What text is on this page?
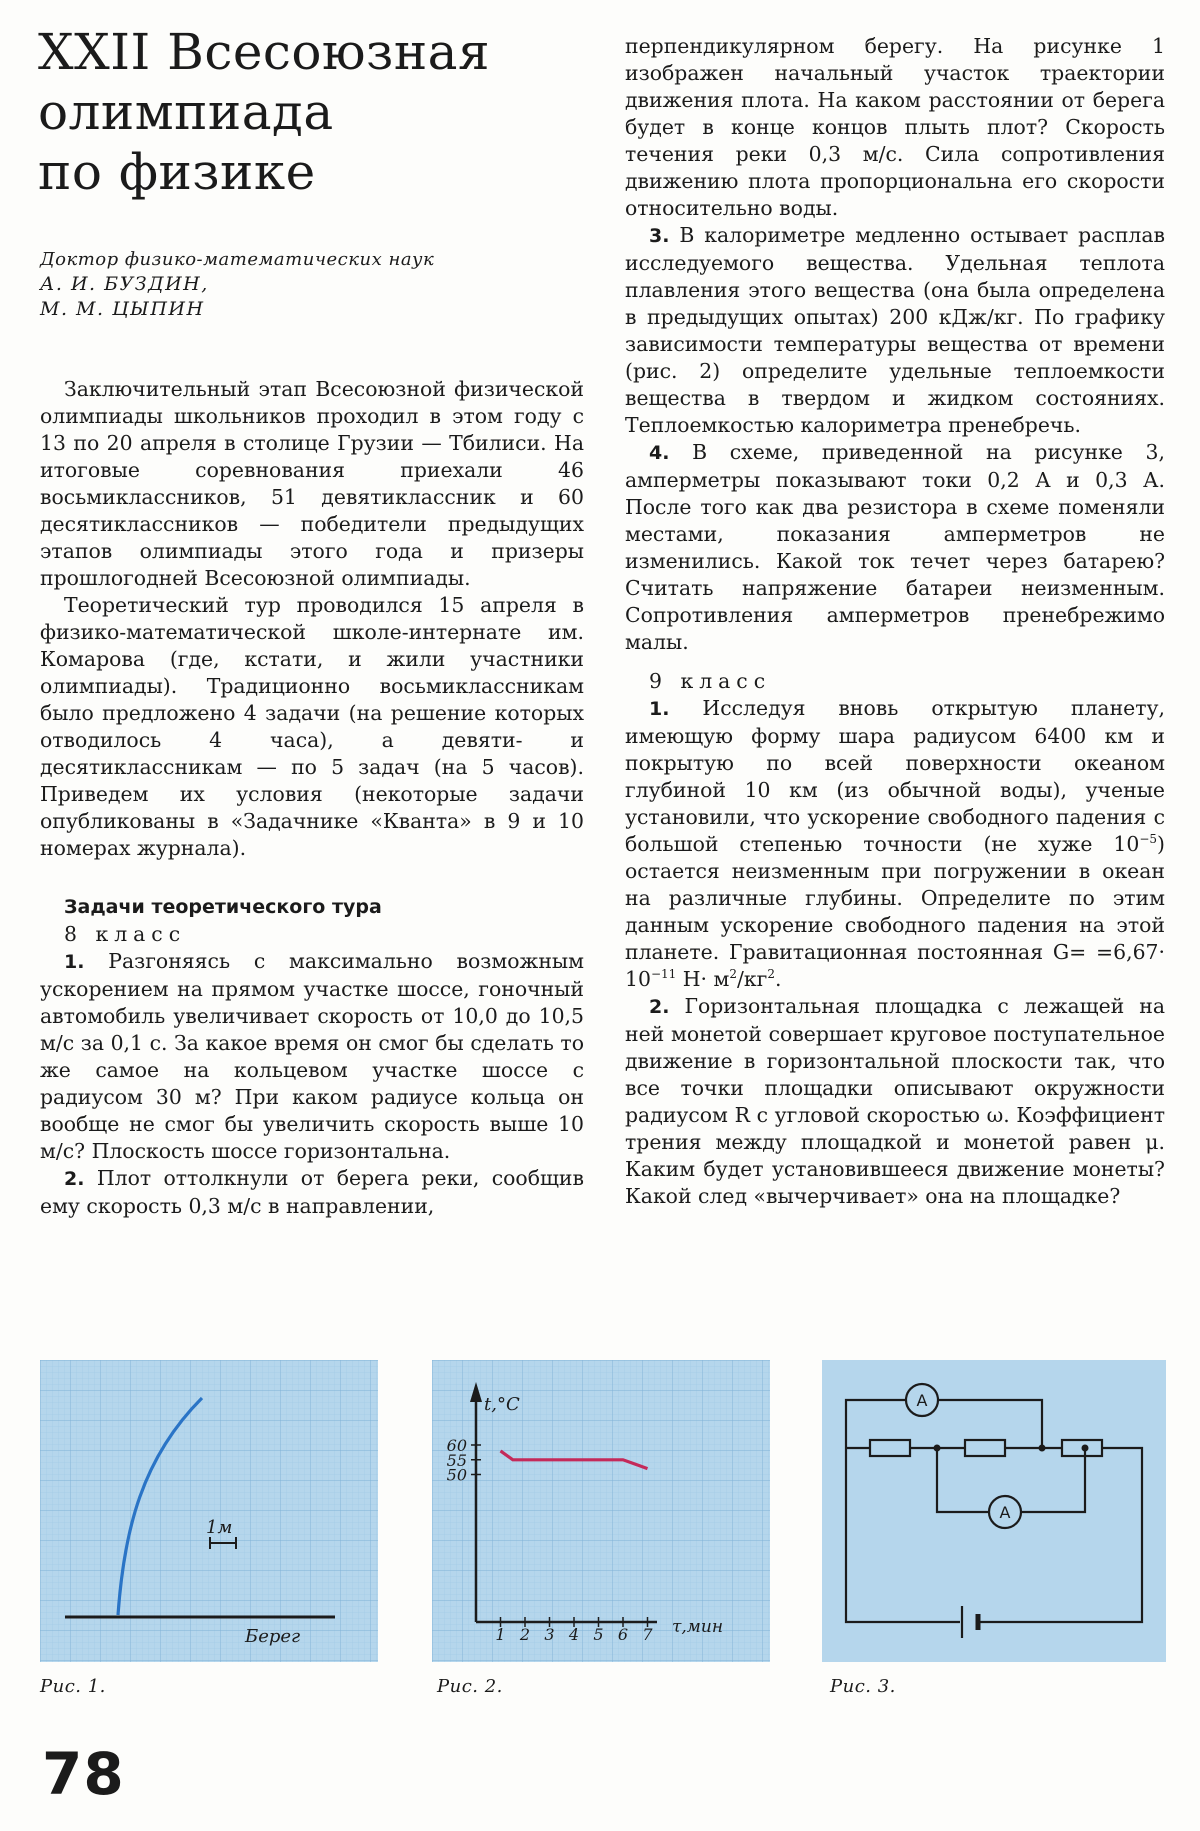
XXII Всесоюзная
олимпиада
по физике
Доктор физико-математических наук
А. И. БУЗДИН,
М. М. ЦЫПИН

Заключительный этап Всесоюзной физической олимпиады школьников проходил в этом году с 13 по 20 апреля в столице Грузии — Тбилиси. На итоговые соревнования приехали 46 восьмиклассников, 51 девятиклассник и 60 десятиклассников — победители предыдущих этапов олимпиады этого года и призеры прошлогодней Всесоюзной олимпиады.

Теоретический тур проводился 15 апреля в физико-математической школе-интернате им. Комарова (где, кстати, и жили участники олимпиады). Традиционно восьмиклассникам было предложено 4 задачи (на решение которых отводилось 4 часа), а девяти- и десятиклассникам — по 5 задач (на 5 часов). Приведем их условия (некоторые задачи опубликованы в «Задачнике «Кванта» в 9 и 10 номерах журнала).

Задачи теоретического тура

8 класс

1. Разгоняясь с максимально возможным ускорением на прямом участке шоссе, гоночный автомобиль увеличивает скорость от 10,0 до 10,5 м/с за 0,1 с. За какое время он смог бы сделать то же самое на кольцевом участке шоссе с радиусом 30 м? При каком радиусе кольца он вообще не смог бы увеличить скорость выше 10 м/с? Плоскость шоссе горизонтальна.

2. Плот оттолкнули от берега реки, сообщив ему скорость 0,3 м/с в направлении,

перпендикулярном берегу. На рисунке 1 изображен начальный участок траектории движения плота. На каком расстоянии от берега будет в конце концов плыть плот? Скорость течения реки 0,3 м/с. Сила сопротивления движению плота пропорциональна его скорости относительно воды.

3. В калориметре медленно остывает расплав исследуемого вещества. Удельная теплота плавления этого вещества (она была определена в предыдущих опытах) 200 кДж/кг. По графику зависимости температуры вещества от времени (рис. 2) определите удельные теплоемкости вещества в твердом и жидком состояниях. Теплоемкостью калориметра пренебречь.

4. В схеме, приведенной на рисунке 3, амперметры показывают токи 0,2 А и 0,3 А. После того как два резистора в схеме поменяли местами, показания амперметров не изменились. Какой ток течет через батарею? Считать напряжение батареи неизменным. Сопротивления амперметров пренебрежимо малы.

9 класс

1. Исследуя вновь открытую планету, имеющую форму шара радиусом 6400 км и покрытую по всей поверхности океаном глубиной 10 км (из обычной воды), ученые установили, что ускорение свободного падения с большой степенью точности (не хуже $10^{-5}$) остается неизменным при погружении в океан на различные глубины. Определите по этим данным ускорение свободного падения на этой планете. Гравитационная постоянная $G= =6,67\cdot 10^{-11}$ $Н\cdot м^2/кг^2$.

2. Горизонтальная площадка с лежащей на ней монетой совершает круговое поступательное движение в горизонтальной плоскости так, что все точки площадки описывают окружности радиусом R с угловой скоростью ω. Коэффициент трения между площадкой и монетой равен μ. Каким будет установившееся движение монеты? Какой след «вычерчивает» она на площадке?

1м
Берег
t,°C
τ,мин
1 2 3 4 5 6 7
60
55
50
A
A
Рис. 1.	Рис. 2.	Рис. 3.
78
